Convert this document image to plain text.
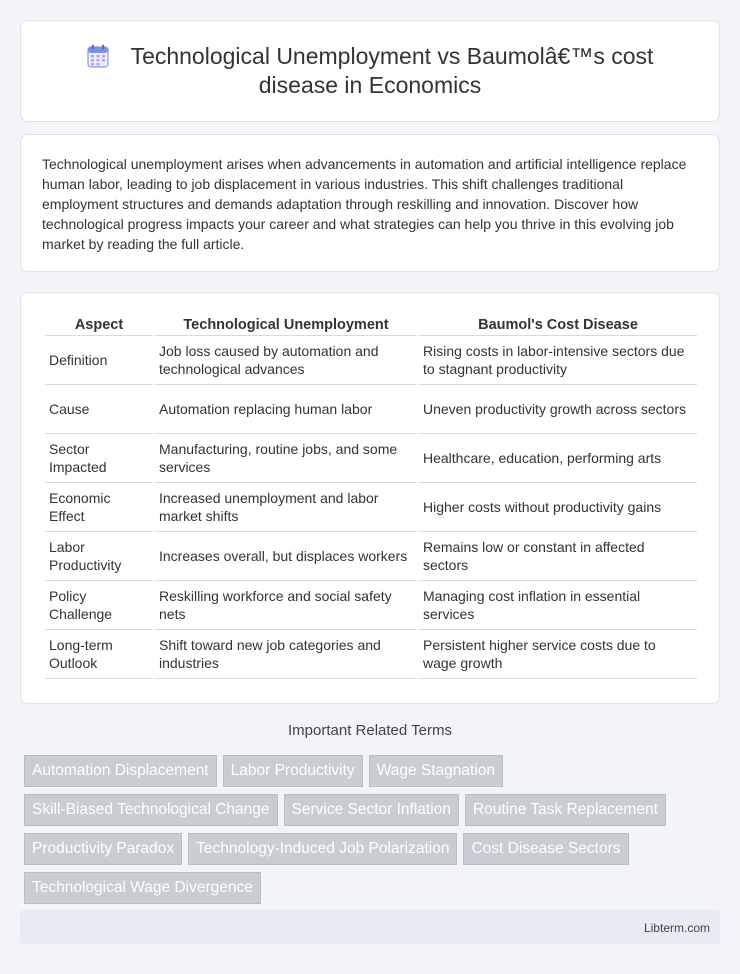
Technological Unemployment vs Baumolâ€™s cost disease in Economics

Technological unemployment arises when advancements in automation and artificial intelligence replace human labor, leading to job displacement in various industries. This shift challenges traditional employment structures and demands adaptation through reskilling and innovation. Discover how technological progress impacts your career and what strategies can help you thrive in this evolving job market by reading the full article.

Aspect	Technological Unemployment	Baumol's Cost Disease
Definition	Job loss caused by automation and technological advances	Rising costs in labor-intensive sectors due to stagnant productivity
Cause	Automation replacing human labor	Uneven productivity growth across sectors
Sector Impacted	Manufacturing, routine jobs, and some services	Healthcare, education, performing arts
Economic Effect	Increased unemployment and labor market shifts	Higher costs without productivity gains
Labor Productivity	Increases overall, but displaces workers	Remains low or constant in affected sectors
Policy Challenge	Reskilling workforce and social safety nets	Managing cost inflation in essential services
Long-term Outlook	Shift toward new job categories and industries	Persistent higher service costs due to wage growth
Important Related Terms
Automation Displacement	Labor Productivity	Wage Stagnation
Skill-Biased Technological Change	Service Sector Inflation	Routine Task Replacement
Productivity Paradox	Technology-Induced Job Polarization	Cost Disease Sectors
Technological Wage Divergence
Libterm.com
